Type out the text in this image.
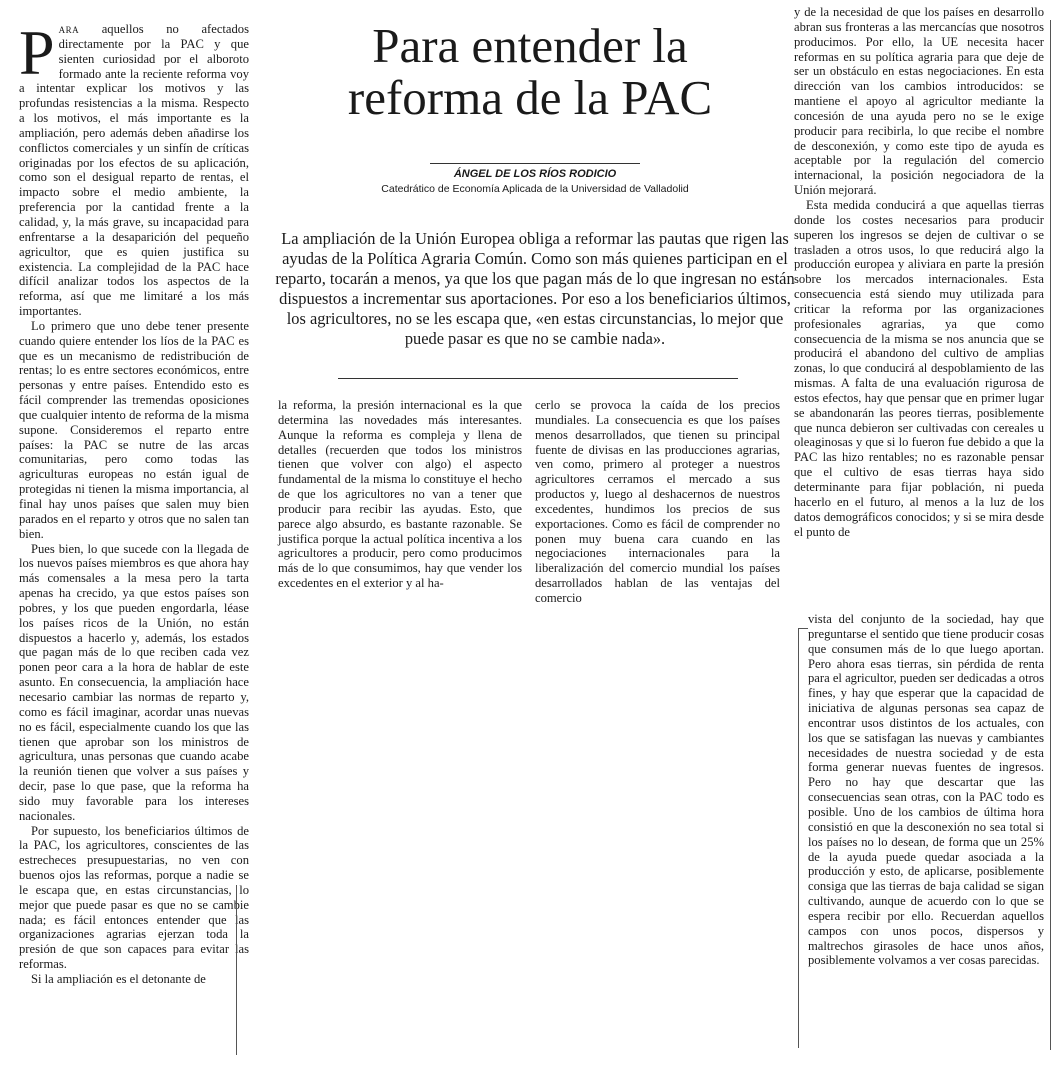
Para aquellos no afectados directamente por la PAC y que sienten curiosidad por el alboroto formado ante la reciente reforma voy a intentar explicar los motivos y las profundas resistencias a la misma. Respecto a los motivos, el más importante es la ampliación, pero además deben añadirse los conflictos comerciales y un sinfín de críticas originadas por los efectos de su aplicación, como son el desigual reparto de rentas, el impacto sobre el medio ambiente, la preferencia por la cantidad frente a la calidad, y, la más grave, su incapacidad para enfrentarse a la desaparición del pequeño agricultor, que es quien justifica su existencia. La complejidad de la PAC hace difícil analizar todos los aspectos de la reforma, así que me limitaré a los más importantes.

Lo primero que uno debe tener presente cuando quiere entender los líos de la PAC es que es un mecanismo de redistribución de rentas; lo es entre sectores económicos, entre personas y entre países. Entendido esto es fácil comprender las tremendas oposiciones que cualquier intento de reforma de la misma supone. Consideremos el reparto entre países: la PAC se nutre de las arcas comunitarias, pero como todas las agriculturas europeas no están igual de protegidas ni tienen la misma importancia, al final hay unos países que salen muy bien parados en el reparto y otros que no salen tan bien.

Pues bien, lo que sucede con la llegada de los nuevos países miembros es que ahora hay más comensales a la mesa pero la tarta apenas ha crecido, ya que estos países son pobres, y los que pueden engordarla, léase los países ricos de la Unión, no están dispuestos a hacerlo y, además, los estados que pagan más de lo que reciben cada vez ponen peor cara a la hora de hablar de este asunto. En consecuencia, la ampliación hace necesario cambiar las normas de reparto y, como es fácil imaginar, acordar unas nuevas no es fácil, especialmente cuando los que las tienen que aprobar son los ministros de agricultura, unas personas que cuando acabe la reunión tienen que volver a sus países y decir, pase lo que pase, que la reforma ha sido muy favorable para los intereses nacionales.

Por supuesto, los beneficiarios últimos de la PAC, los agricultores, conscientes de las estrecheces presupuestarias, no ven con buenos ojos las reformas, porque a nadie se le escapa que, en estas circunstancias, lo mejor que puede pasar es que no se cambie nada; es fácil entonces entender que las organizaciones agrarias ejerzan toda la presión de que son capaces para evitar las reformas.

Si la ampliación es el detonante de

Para entender la
reforma de la PAC
ÁNGEL DE LOS RÍOS RODICIO
Catedrático de Economía Aplicada de la Universidad de Valladolid

La ampliación de la Unión Europea obliga a reformar las pautas que rigen las ayudas de la Política Agraria Común. Como son más quienes participan en el reparto, tocarán a menos, ya que los que pagan más de lo que ingresan no están dispuestos a incrementar sus aportaciones. Por eso a los beneficiarios últimos, los agricultores, no se les escapa que, «en estas circunstancias, lo mejor que puede pasar es que no se cambie nada».

la reforma, la presión internacional es la que determina las novedades más interesantes. Aunque la reforma es compleja y llena de detalles (recuerden que todos los ministros tienen que volver con algo) el aspecto fundamental de la misma lo constituye el hecho de que los agricultores no van a tener que producir para recibir las ayudas. Esto, que parece algo absurdo, es bastante razonable. Se justifica porque la actual política incentiva a los agricultores a producir, pero como producimos más de lo que consumimos, hay que vender los excedentes en el exterior y al ha-

cerlo se provoca la caída de los precios mundiales. La consecuencia es que los países menos desarrollados, que tienen su principal fuente de divisas en las producciones agrarias, ven como, primero al proteger a nuestros agricultores cerramos el mercado a sus productos y, luego al deshacernos de nuestros excedentes, hundimos los precios de sus exportaciones. Como es fácil de comprender no ponen muy buena cara cuando en las negociaciones internacionales para la liberalización del comercio mundial los países desarrollados hablan de las ventajas del comercio

y de la necesidad de que los países en desarrollo abran sus fronteras a las mercancías que nosotros producimos. Por ello, la UE necesita hacer reformas en su política agraria para que deje de ser un obstáculo en estas negociaciones. En esta dirección van los cambios introducidos: se mantiene el apoyo al agricultor mediante la concesión de una ayuda pero no se le exige producir para recibirla, lo que recibe el nombre de desconexión, y como este tipo de ayuda es aceptable por la regulación del comercio internacional, la posición negociadora de la Unión mejorará.

Esta medida conducirá a que aquellas tierras donde los costes necesarios para producir superen los ingresos se dejen de cultivar o se trasladen a otros usos, lo que reducirá algo la producción europea y aliviara en parte la presión sobre los mercados internacionales. Esta consecuencia está siendo muy utilizada para criticar la reforma por las organizaciones profesionales agrarias, ya que como consecuencia de la misma se nos anuncia que se producirá el abandono del cultivo de amplias zonas, lo que conducirá al despoblamiento de las mismas. A falta de una evaluación rigurosa de estos efectos, hay que pensar que en primer lugar se abandonarán las peores tierras, posiblemente que nunca debieron ser cultivadas con cereales u oleaginosas y que si lo fueron fue debido a que la PAC las hizo rentables; no es razonable pensar que el cultivo de esas tierras haya sido determinante para fijar población, ni pueda hacerlo en el futuro, al menos a la luz de los datos demográficos conocidos; y si se mira desde el punto de

vista del conjunto de la sociedad, hay que preguntarse el sentido que tiene producir cosas que consumen más de lo que luego aportan. Pero ahora esas tierras, sin pérdida de renta para el agricultor, pueden ser dedicadas a otros fines, y hay que esperar que la capacidad de iniciativa de algunas personas sea capaz de encontrar usos distintos de los actuales, con los que se satisfagan las nuevas y cambiantes necesidades de nuestra sociedad y de esta forma generar nuevas fuentes de ingresos. Pero no hay que descartar que las consecuencias sean otras, con la PAC todo es posible. Uno de los cambios de última hora consistió en que la desconexión no sea total si los países no lo desean, de forma que un 25% de la ayuda puede quedar asociada a la producción y esto, de aplicarse, posiblemente consiga que las tierras de baja calidad se sigan cultivando, aunque de acuerdo con lo que se espera recibir por ello. Recuerdan aquellos campos con unos pocos, dispersos y maltrechos girasoles de hace unos años, posiblemente volvamos a ver cosas parecidas.
